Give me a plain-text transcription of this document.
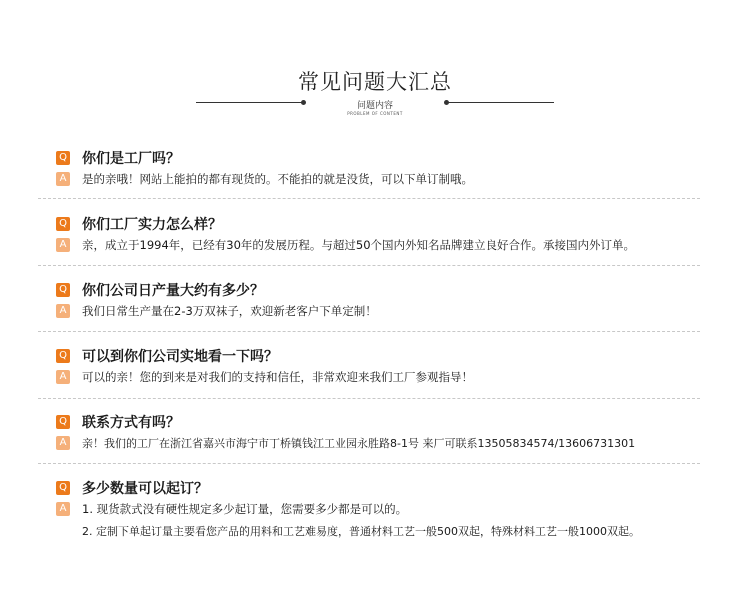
常见问题大汇总
问题内容
PROBLEM OF CONTENT
Q 你们是工厂吗？
A	是的亲哦！网站上能拍的都有现货的。不能拍的就是没货，可以下单订制哦。
Q 你们工厂实力怎么样？
A	亲，成立于1994年，已经有30年的发展历程。与超过50个国内外知名品牌建立良好合作。承接国内外订单。
Q 你们公司日产量大约有多少？
A	我们日常生产量在2-3万双袜子，欢迎新老客户下单定制！
Q 可以到你们公司实地看一下吗？
A	可以的亲！您的到来是对我们的支持和信任，非常欢迎来我们工厂参观指导！
Q 联系方式有吗？
A	亲！我们的工厂在浙江省嘉兴市海宁市丁桥镇钱江工业园永胜路8-1号 来厂可联系13505834574/13606731301
Q 多少数量可以起订？
A	1. 现货款式没有硬性规定多少起订量，您需要多少都是可以的。
2. 定制下单起订量主要看您产品的用料和工艺难易度，普通材料工艺一般500双起，特殊材料工艺一般1000双起。
